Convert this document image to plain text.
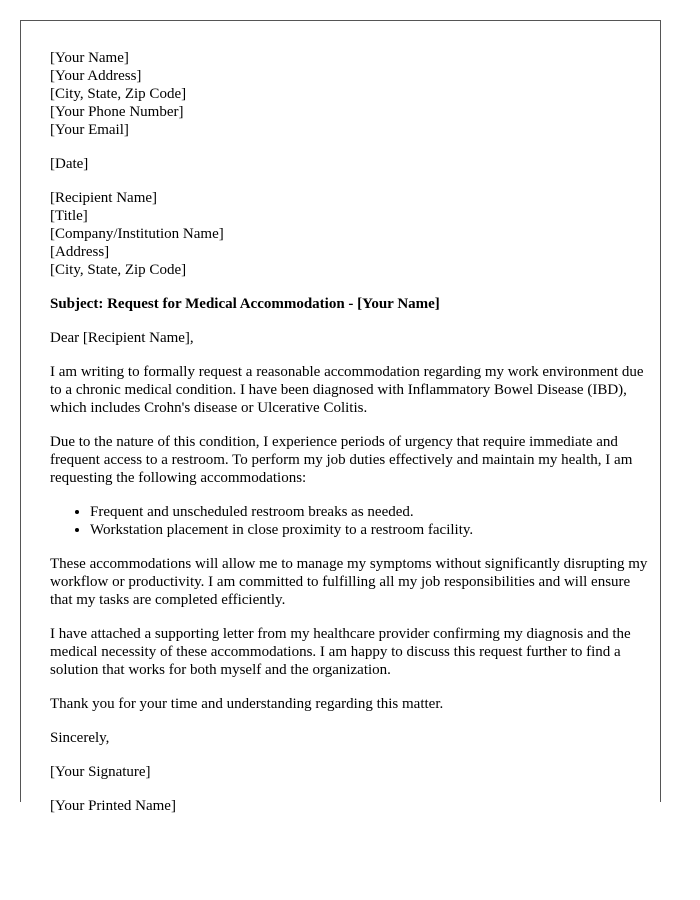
[Your Name]
[Your Address]
[City, State, Zip Code]
[Your Phone Number]
[Your Email]
[Date]
[Recipient Name]
[Title]
[Company/Institution Name]
[Address]
[City, State, Zip Code]

Subject: Request for Medical Accommodation - [Your Name]

Dear [Recipient Name],

I am writing to formally request a reasonable accommodation regarding my work environment due to a chronic medical condition. I have been diagnosed with Inflammatory Bowel Disease (IBD), which includes Crohn's disease or Ulcerative Colitis.

Due to the nature of this condition, I experience periods of urgency that require immediate and frequent access to a restroom. To perform my job duties effectively and maintain my health, I am requesting the following accommodations:

• Frequent and unscheduled restroom breaks as needed.
• Workstation placement in close proximity to a restroom facility.

These accommodations will allow me to manage my symptoms without significantly disrupting my workflow or productivity. I am committed to fulfilling all my job responsibilities and will ensure that my tasks are completed efficiently.

I have attached a supporting letter from my healthcare provider confirming my diagnosis and the medical necessity of these accommodations. I am happy to discuss this request further to find a solution that works for both myself and the organization.

Thank you for your time and understanding regarding this matter.

Sincerely,

[Your Signature]

[Your Printed Name]
